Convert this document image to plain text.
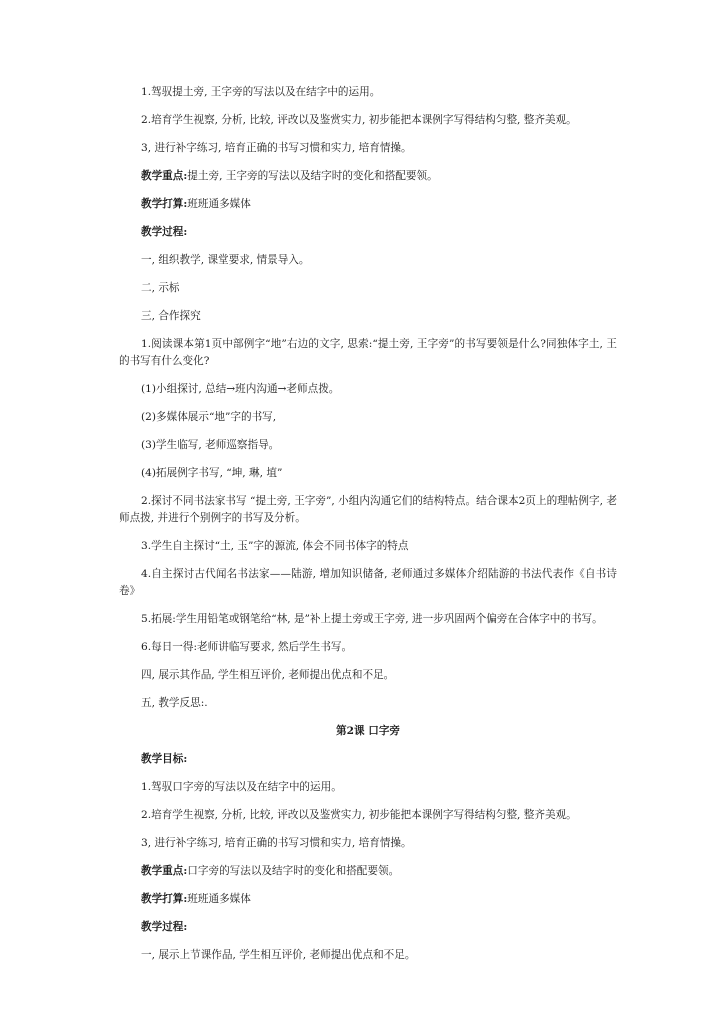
1.驾驭提土旁, 王字旁的写法以及在结字中的运用。

2.培育学生视察, 分析, 比较, 评改以及鉴赏实力, 初步能把本课例字写得结构匀整, 整齐美观。

3, 进行补字练习, 培育正确的书写习惯和实力, 培育情操。

教学重点:提土旁, 王字旁的写法以及结字时的变化和搭配要领。

教学打算:班班通多媒体

教学过程:

一, 组织教学, 课堂要求, 情景导入。

二, 示标

三, 合作探究

1.阅读课本第1页中部例字“地”右边的文字, 思索:“提土旁, 王字旁”的书写要领是什么?同独体字土, 王的书写有什么变化?

(1)小组探讨, 总结→班内沟通→老师点拨。

(2)多媒体展示“地”字的书写,

(3)学生临写, 老师巡察指导。

(4)拓展例字书写, “坤, 琳, 埴”

2.探讨不同书法家书写 “提土旁, 王字旁”, 小组内沟通它们的结构特点。结合课本2页上的理帖例字, 老师点拨, 并进行个别例字的书写及分析。

3.学生自主探讨“土, 玉”字的源流, 体会不同书体字的特点

4.自主探讨古代闻名书法家——陆游, 增加知识储备, 老师通过多媒体介绍陆游的书法代表作《自书诗卷》

5.拓展:学生用铅笔或钢笔给“林, 是”补上提土旁或王字旁, 进一步巩固两个偏旁在合体字中的书写。

6.每日一得:老师讲临写要求, 然后学生书写。

四, 展示其作品, 学生相互评价, 老师提出优点和不足。

五, 教学反思:.

第2课 口字旁

教学目标:

1.驾驭口字旁的写法以及在结字中的运用。

2.培育学生视察, 分析, 比较, 评改以及鉴赏实力, 初步能把本课例字写得结构匀整, 整齐美观。

3, 进行补字练习, 培育正确的书写习惯和实力, 培育情操。

教学重点:口字旁的写法以及结字时的变化和搭配要领。

教学打算:班班通多媒体

教学过程:

一, 展示上节课作品, 学生相互评价, 老师提出优点和不足。
